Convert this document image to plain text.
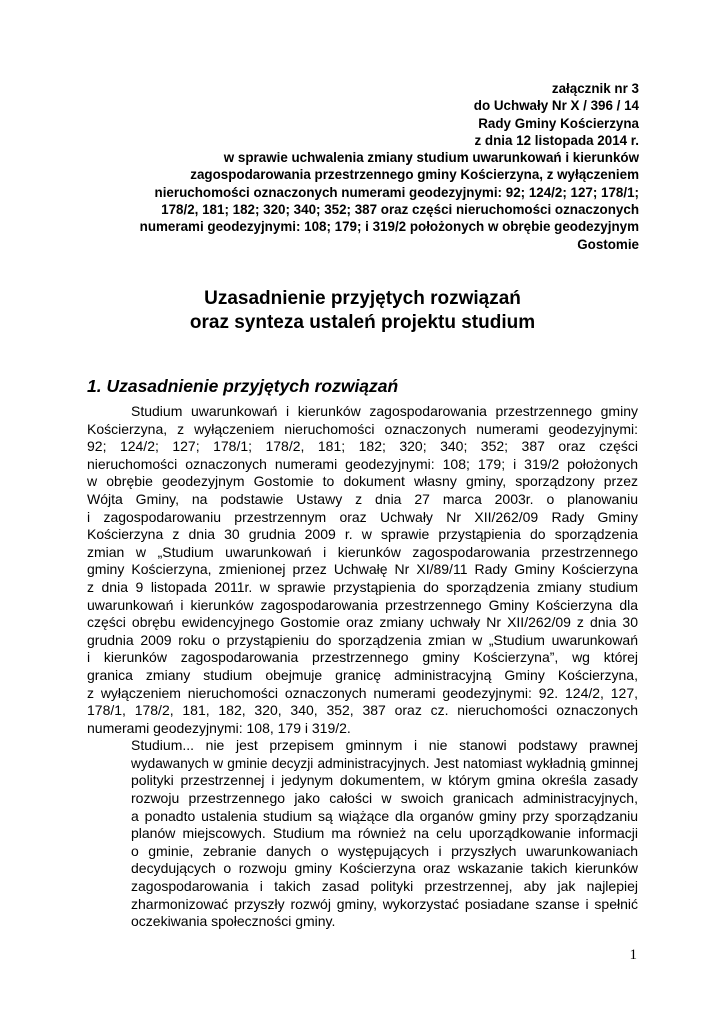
załącznik nr 3
do Uchwały Nr X / 396 / 14
Rady Gminy Kościerzyna
z dnia 12 listopada 2014 r.
w sprawie uchwalenia zmiany studium uwarunkowań i kierunków
zagospodarowania przestrzennego gminy Kościerzyna, z wyłączeniem
nieruchomości oznaczonych numerami geodezyjnymi: 92; 124/2; 127; 178/1;
178/2, 181; 182; 320; 340; 352; 387 oraz części nieruchomości oznaczonych
numerami geodezyjnymi: 108; 179; i 319/2 położonych w obrębie geodezyjnym
Gostomie
Uzasadnienie przyjętych rozwiązań
oraz synteza ustaleń projektu studium
1. Uzasadnienie przyjętych rozwiązań
Studium uwarunkowań i kierunków zagospodarowania przestrzennego gminy
Kościerzyna, z wyłączeniem nieruchomości oznaczonych numerami geodezyjnymi:
92; 124/2; 127; 178/1; 178/2, 181; 182; 320; 340; 352; 387 oraz części
nieruchomości oznaczonych numerami geodezyjnymi: 108; 179; i 319/2 położonych
w obrębie geodezyjnym Gostomie to dokument własny gminy, sporządzony przez
Wójta Gminy, na podstawie Ustawy z dnia 27 marca 2003r. o planowaniu
i zagospodarowaniu przestrzennym oraz Uchwały Nr XII/262/09 Rady Gminy
Kościerzyna z dnia 30 grudnia 2009 r. w sprawie przystąpienia do sporządzenia
zmian w „Studium uwarunkowań i kierunków zagospodarowania przestrzennego
gminy Kościerzyna, zmienionej przez Uchwałę Nr XI/89/11 Rady Gminy Kościerzyna
z dnia 9 listopada 2011r. w sprawie przystąpienia do sporządzenia zmiany studium
uwarunkowań i kierunków zagospodarowania przestrzennego Gminy Kościerzyna dla
części obrębu ewidencyjnego Gostomie oraz zmiany uchwały Nr XII/262/09 z dnia 30
grudnia 2009 roku o przystąpieniu do sporządzenia zmian w „Studium uwarunkowań
i kierunków zagospodarowania przestrzennego gminy Kościerzyna”, wg której
granica zmiany studium obejmuje granicę administracyjną Gminy Kościerzyna,
z wyłączeniem nieruchomości oznaczonych numerami geodezyjnymi: 92. 124/2, 127,
178/1, 178/2, 181, 182, 320, 340, 352, 387 oraz cz. nieruchomości oznaczonych
numerami geodezyjnymi: 108, 179 i 319/2.
Studium... nie jest przepisem gminnym i nie stanowi podstawy prawnej
wydawanych w gminie decyzji administracyjnych. Jest natomiast wykładnią gminnej
polityki przestrzennej i jedynym dokumentem, w którym gmina określa zasady
rozwoju przestrzennego jako całości w swoich granicach administracyjnych,
a ponadto ustalenia studium są wiążące dla organów gminy przy sporządzaniu
planów miejscowych. Studium ma również na celu uporządkowanie informacji
o gminie, zebranie danych o występujących i przyszłych uwarunkowaniach
decydujących o rozwoju gminy Kościerzyna oraz wskazanie takich kierunków
zagospodarowania i takich zasad polityki przestrzennej, aby jak najlepiej
zharmonizować przyszły rozwój gminy, wykorzystać posiadane szanse i spełnić
oczekiwania społeczności gminy.
1
